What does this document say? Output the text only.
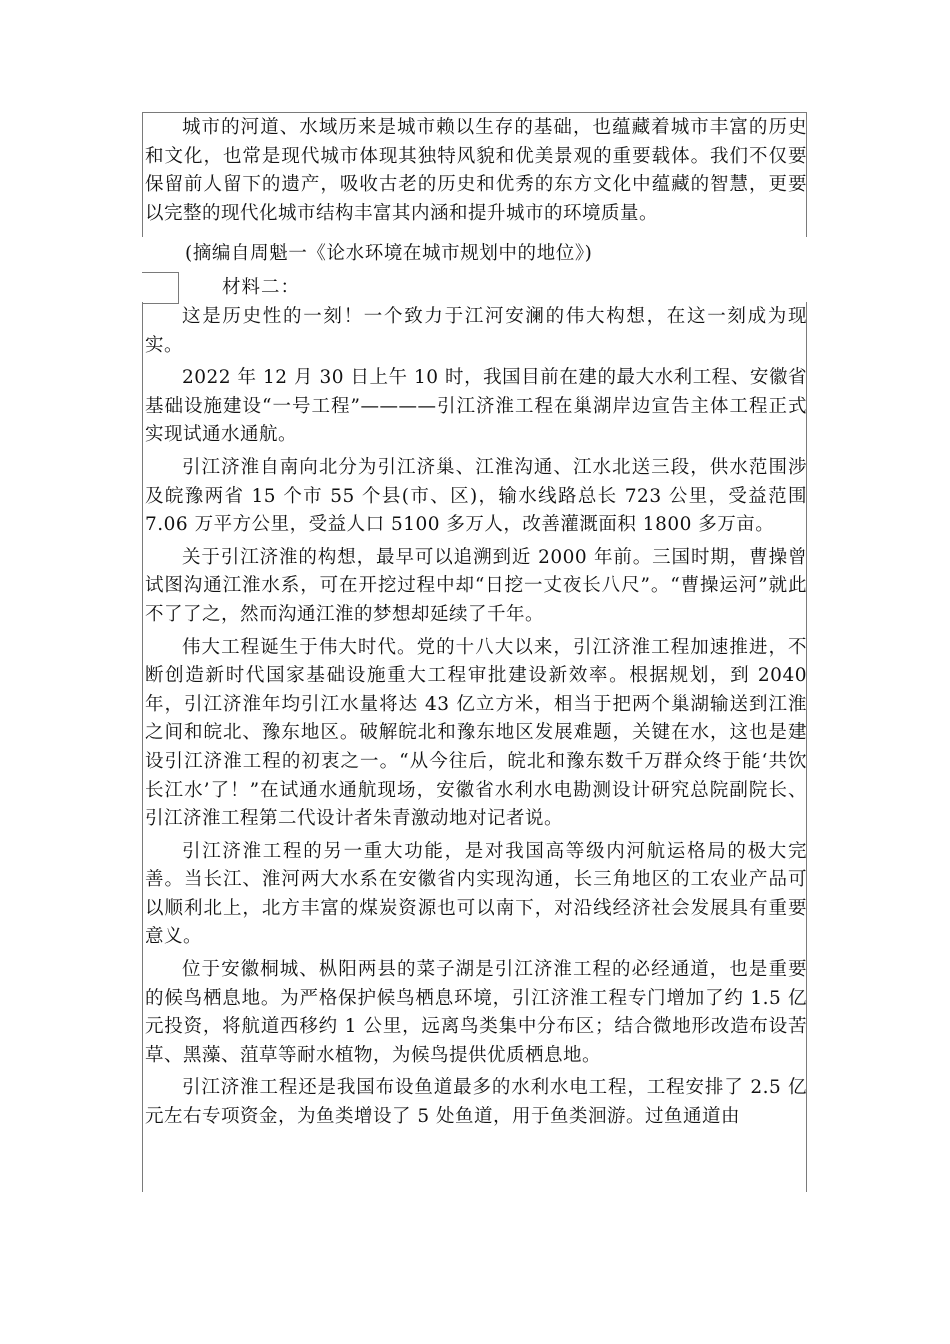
城市的河道、水域历来是城市赖以生存的基础，也蕴藏着城市丰富的历史和文化，也常是现代城市体现其独特风貌和优美景观的重要载体。我们不仅要保留前人留下的遗产，吸收古老的历史和优秀的东方文化中蕴藏的智慧，更要以完整的现代化城市结构丰富其内涵和提升城市的环境质量。

(摘编自周魁一《论水环境在城市规划中的地位》)
材料二：

这是历史性的一刻！一个致力于江河安澜的伟大构想，在这一刻成为现实。

2022 年 12 月 30 日上午 10 时，我国目前在建的最大水利工程、安徽省基础设施建设“一号工程”————引江济淮工程在巢湖岸边宣告主体工程正式实现试通水通航。

引江济淮自南向北分为引江济巢、江淮沟通、江水北送三段，供水范围涉及皖豫两省 15 个市 55 个县(市、区)，输水线路总长 723 公里，受益范围 7.06 万平方公里，受益人口 5100 多万人，改善灌溉面积 1800 多万亩。

关于引江济淮的构想，最早可以追溯到近 2000 年前。三国时期，曹操曾试图沟通江淮水系，可在开挖过程中却“日挖一丈夜长八尺”。“曹操运河”就此不了了之，然而沟通江淮的梦想却延续了千年。

伟大工程诞生于伟大时代。党的十八大以来，引江济淮工程加速推进，不断创造新时代国家基础设施重大工程审批建设新效率。根据规划，到 2040 年，引江济淮年均引江水量将达 43 亿立方米，相当于把两个巢湖输送到江淮之间和皖北、豫东地区。破解皖北和豫东地区发展难题，关键在水，这也是建设引江济淮工程的初衷之一。“从今往后，皖北和豫东数千万群众终于能‘共饮长江水’了！”在试通水通航现场，安徽省水利水电勘测设计研究总院副院长、引江济淮工程第二代设计者朱青激动地对记者说。

引江济淮工程的另一重大功能，是对我国高等级内河航运格局的极大完善。当长江、淮河两大水系在安徽省内实现沟通，长三角地区的工农业产品可以顺利北上，北方丰富的煤炭资源也可以南下，对沿线经济社会发展具有重要意义。

位于安徽桐城、枞阳两县的菜子湖是引江济淮工程的必经通道，也是重要的候鸟栖息地。为严格保护候鸟栖息环境，引江济淮工程专门增加了约 1.5 亿元投资，将航道西移约 1 公里，远离鸟类集中分布区；结合微地形改造布设苦草、黑藻、菹草等耐水植物，为候鸟提供优质栖息地。

引江济淮工程还是我国布设鱼道最多的水利水电工程，工程安排了 2.5 亿元左右专项资金，为鱼类增设了 5 处鱼道，用于鱼类洄游。过鱼通道由
